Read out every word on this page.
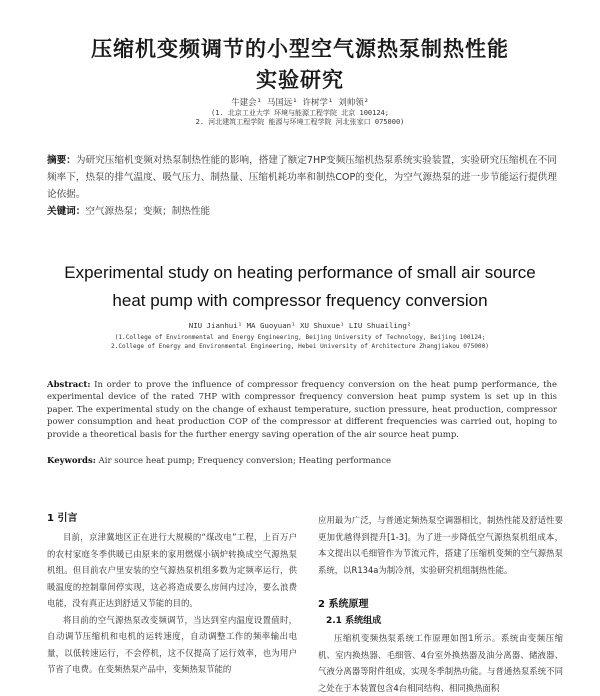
压缩机变频调节的小型空气源热泵制热性能
实验研究
牛建会¹ 马国远¹ 许树学¹ 刘帅领²
(1. 北京工业大学 环境与能源工程学院 北京 100124;
2. 河北建筑工程学院 能源与环境工程学院 河北张家口 075000)
摘要：为研究压缩机变频对热泵制热性能的影响，搭建了额定7HP变频压缩机热泵系统实验装置，实验研究压缩机在不同频率下，热泵的排气温度、吸气压力、制热量、压缩机耗功率和制热COP的变化，为空气源热泵的进一步节能运行提供理论依据。
关键词：空气源热泵；变频；制热性能
Experimental study on heating performance of small air source
heat pump with compressor frequency conversion
NIU Jianhui¹ MA Guoyuan¹ XU Shuxue¹ LIU Shuailing²
(1.College of Environmental and Energy Engineering, Beijing University of Technology, Beijing 100124;
2.College of Energy and Environmental Engineering, Hebei University of Architecture Zhangjiakou 075000)
Abstract: In order to prove the influence of compressor frequency conversion on the heat pump performance, the experimental device of the rated 7HP with compressor frequency conversion heat pump system is set up in this paper. The experimental study on the change of exhaust temperature, suction pressure, heat production, compressor power consumption and heat production COP of the compressor at different frequencies was carried out, hoping to provide a theoretical basis for the further energy saving operation of the air source heat pump.
Keywords: Air source heat pump; Frequency conversion; Heating performance
1 引言

目前，京津冀地区正在进行大规模的“煤改电”工程，上百万户的农村家庭冬季供暖已由原来的家用燃煤小锅炉转换成空气源热泵机组。但目前农户里安装的空气源热泵机组多数为定频率运行，供暖温度的控制靠间停实现，这必将造成要么房间内过冷，要么浪费电能，没有真正达到舒适又节能的目的。

将目前的空气源热泵改变频调节，当达到室内温度设置值时，自动调节压缩机和电机的运转速度，自动调整工作的频率输出电量，以低转速运行，不会停机，这不仅提高了运行效率，也为用户节省了电费。在变频热泵产品中，变频热泵节能的

应用最为广泛，与普通定频热泵空调器相比，制热性能及舒适性要更加优越得到提升[1-3]。为了进一步降低空气源热泵机组成本，本文提出以毛细管作为节流元件，搭建了压缩机变频的空气源热泵系统，以R134a为制冷剂，实验研究机组制热性能。

2 系统原理
2.1 系统组成

压缩机变频热泵系统工作原理如图1所示。系统由变频压缩机、室内换热器、毛细管、4台室外换热器及油分离器、储液器、气液分离器等附件组成，实现冬季制热功能。与普通热泵系统不同之处在于本装置包含4台相同结构、相同换热面积
